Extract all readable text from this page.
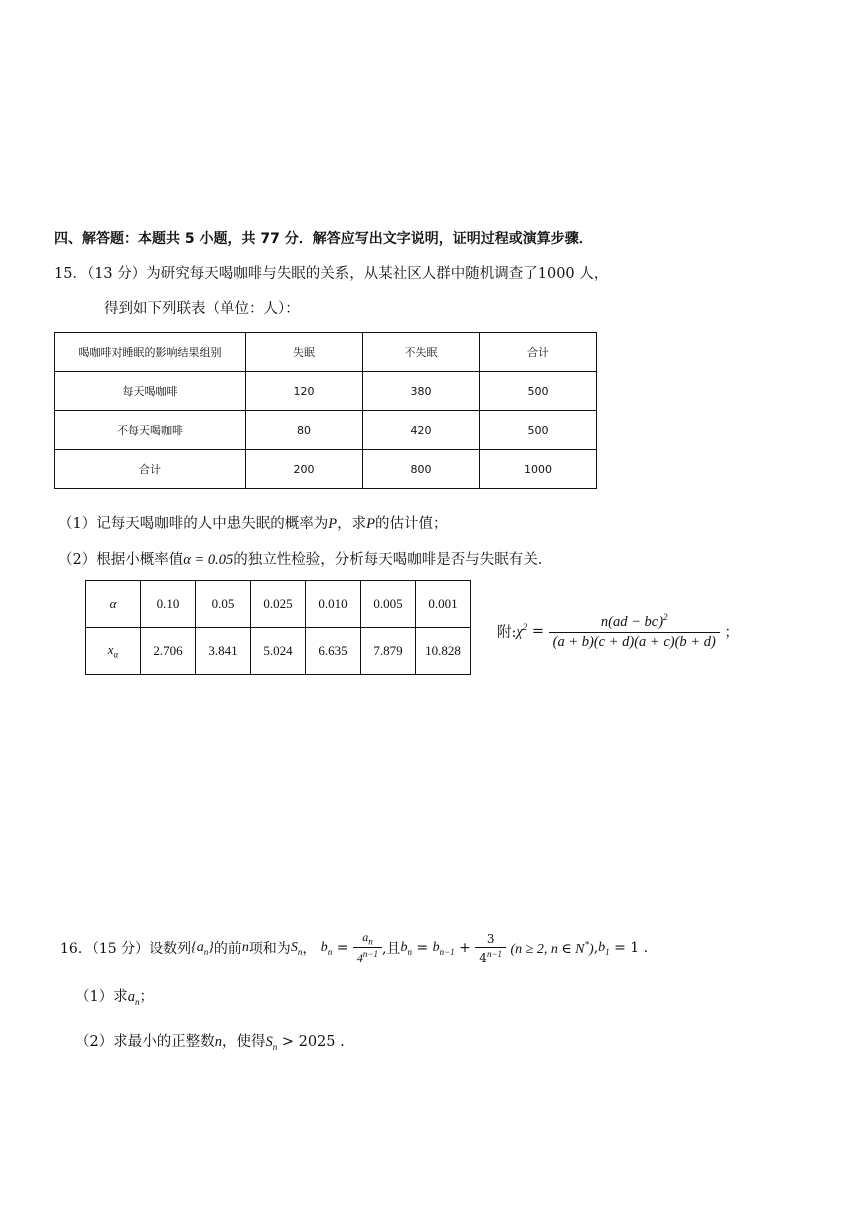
四、解答题：本题共 5 小题，共 77 分．解答应写出文字说明，证明过程或演算步骤．
15．（13 分）为研究每天喝咖啡与失眠的关系，从某社区人群中随机调查了1000 人，
得到如下列联表（单位：人）：
喝咖啡对睡眠的影响结果组别	失眠	不失眠	合计
每天喝咖啡	120	380	500
不每天喝咖啡	80	420	500
合计	200	800	1000
（1）记每天喝咖啡的人中患失眠的概率为P，求P的估计值；
（2）根据小概率值α = 0.05的独立性检验，分析每天喝咖啡是否与失眠有关．
α	0.10	0.05	0.025	0.010	0.005	0.001
$x_\alpha$	2.706	3.841	5.024	6.635	7.879	10.828
附$:\chi^2 = \frac{n(ad - bc)^2}{(a + b)(c + d)(a + c)(b + d)}$ ；
16．（15 分）设数列$\{a_n\}$的前n项和为$S_n$， $b_n = \frac{a_n}{4^{n-1}}$ ,且$b_n = b_{n-1} + \frac{3}{4^{n-1}} (n \ge 2$, n ∈ $N^*),b_1 = 1$ .
（1）求$a_n$；
（2）求最小的正整数n，使得$S_n > 2025$ .
